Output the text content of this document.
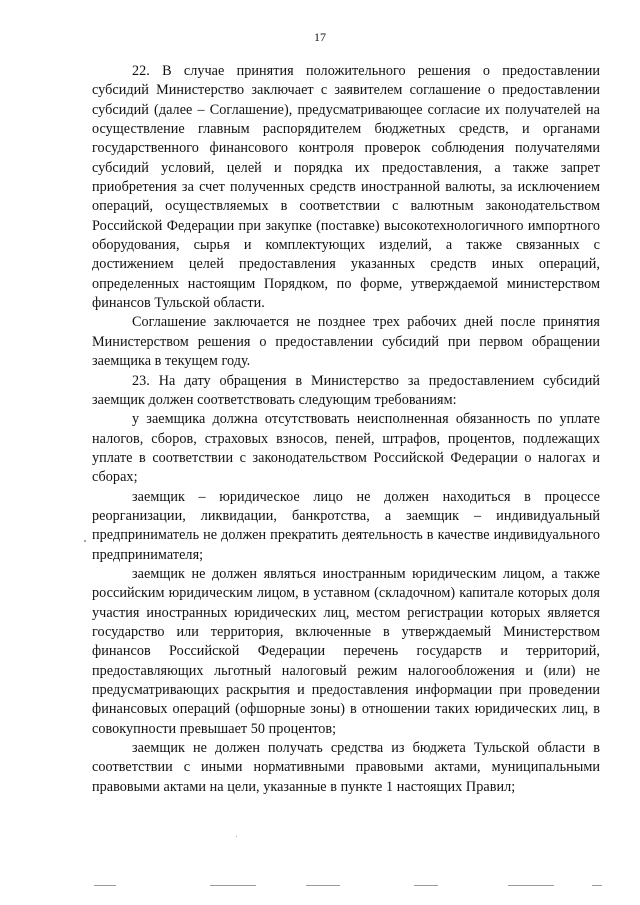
17

22. В случае принятия положительного решения о предоставлении субсидий Министерство заключает с заявителем соглашение о предоставлении субсидий (далее – Соглашение), предусматривающее согласие их получателей на осуществление главным распорядителем бюджетных средств, и органами государственного финансового контроля проверок соблюдения получателями субсидий условий, целей и порядка их предоставления, а также запрет приобретения за счет полученных средств иностранной валюты, за исключением операций, осуществляемых в соответствии с валютным законодательством Российской Федерации при закупке (поставке) высокотехнологичного импортного оборудования, сырья и комплектующих изделий, а также связанных с достижением целей предоставления указанных средств иных операций, определенных настоящим Порядком, по форме, утверждаемой министерством финансов Тульской области.

Соглашение заключается не позднее трех рабочих дней после принятия Министерством решения о предоставлении субсидий при первом обращении заемщика в текущем году.

23. На дату обращения в Министерство за предоставлением субсидий заемщик должен соответствовать следующим требованиям:

у заемщика должна отсутствовать неисполненная обязанность по уплате налогов, сборов, страховых взносов, пеней, штрафов, процентов, подлежащих уплате в соответствии с законодательством Российской Федерации о налогах и сборах;

заемщик – юридическое лицо не должен находиться в процессе реорганизации, ликвидации, банкротства, а заемщик – индивидуальный предприниматель не должен прекратить деятельность в качестве индивидуального предпринимателя;

заемщик не должен являться иностранным юридическим лицом, а также российским юридическим лицом, в уставном (складочном) капитале которых доля участия иностранных юридических лиц, местом регистрации которых является государство или территория, включенные в утверждаемый Министерством финансов Российской Федерации перечень государств и территорий, предоставляющих льготный налоговый режим налогообложения и (или) не предусматривающих раскрытия и предоставления информации при проведении финансовых операций (офшорные зоны) в отношении таких юридических лиц, в совокупности превышает 50 процентов;

заемщик не должен получать средства из бюджета Тульской области в соответствии с иными нормативными правовыми актами, муниципальными правовыми актами на цели, указанные в пункте 1 настоящих Правил;
